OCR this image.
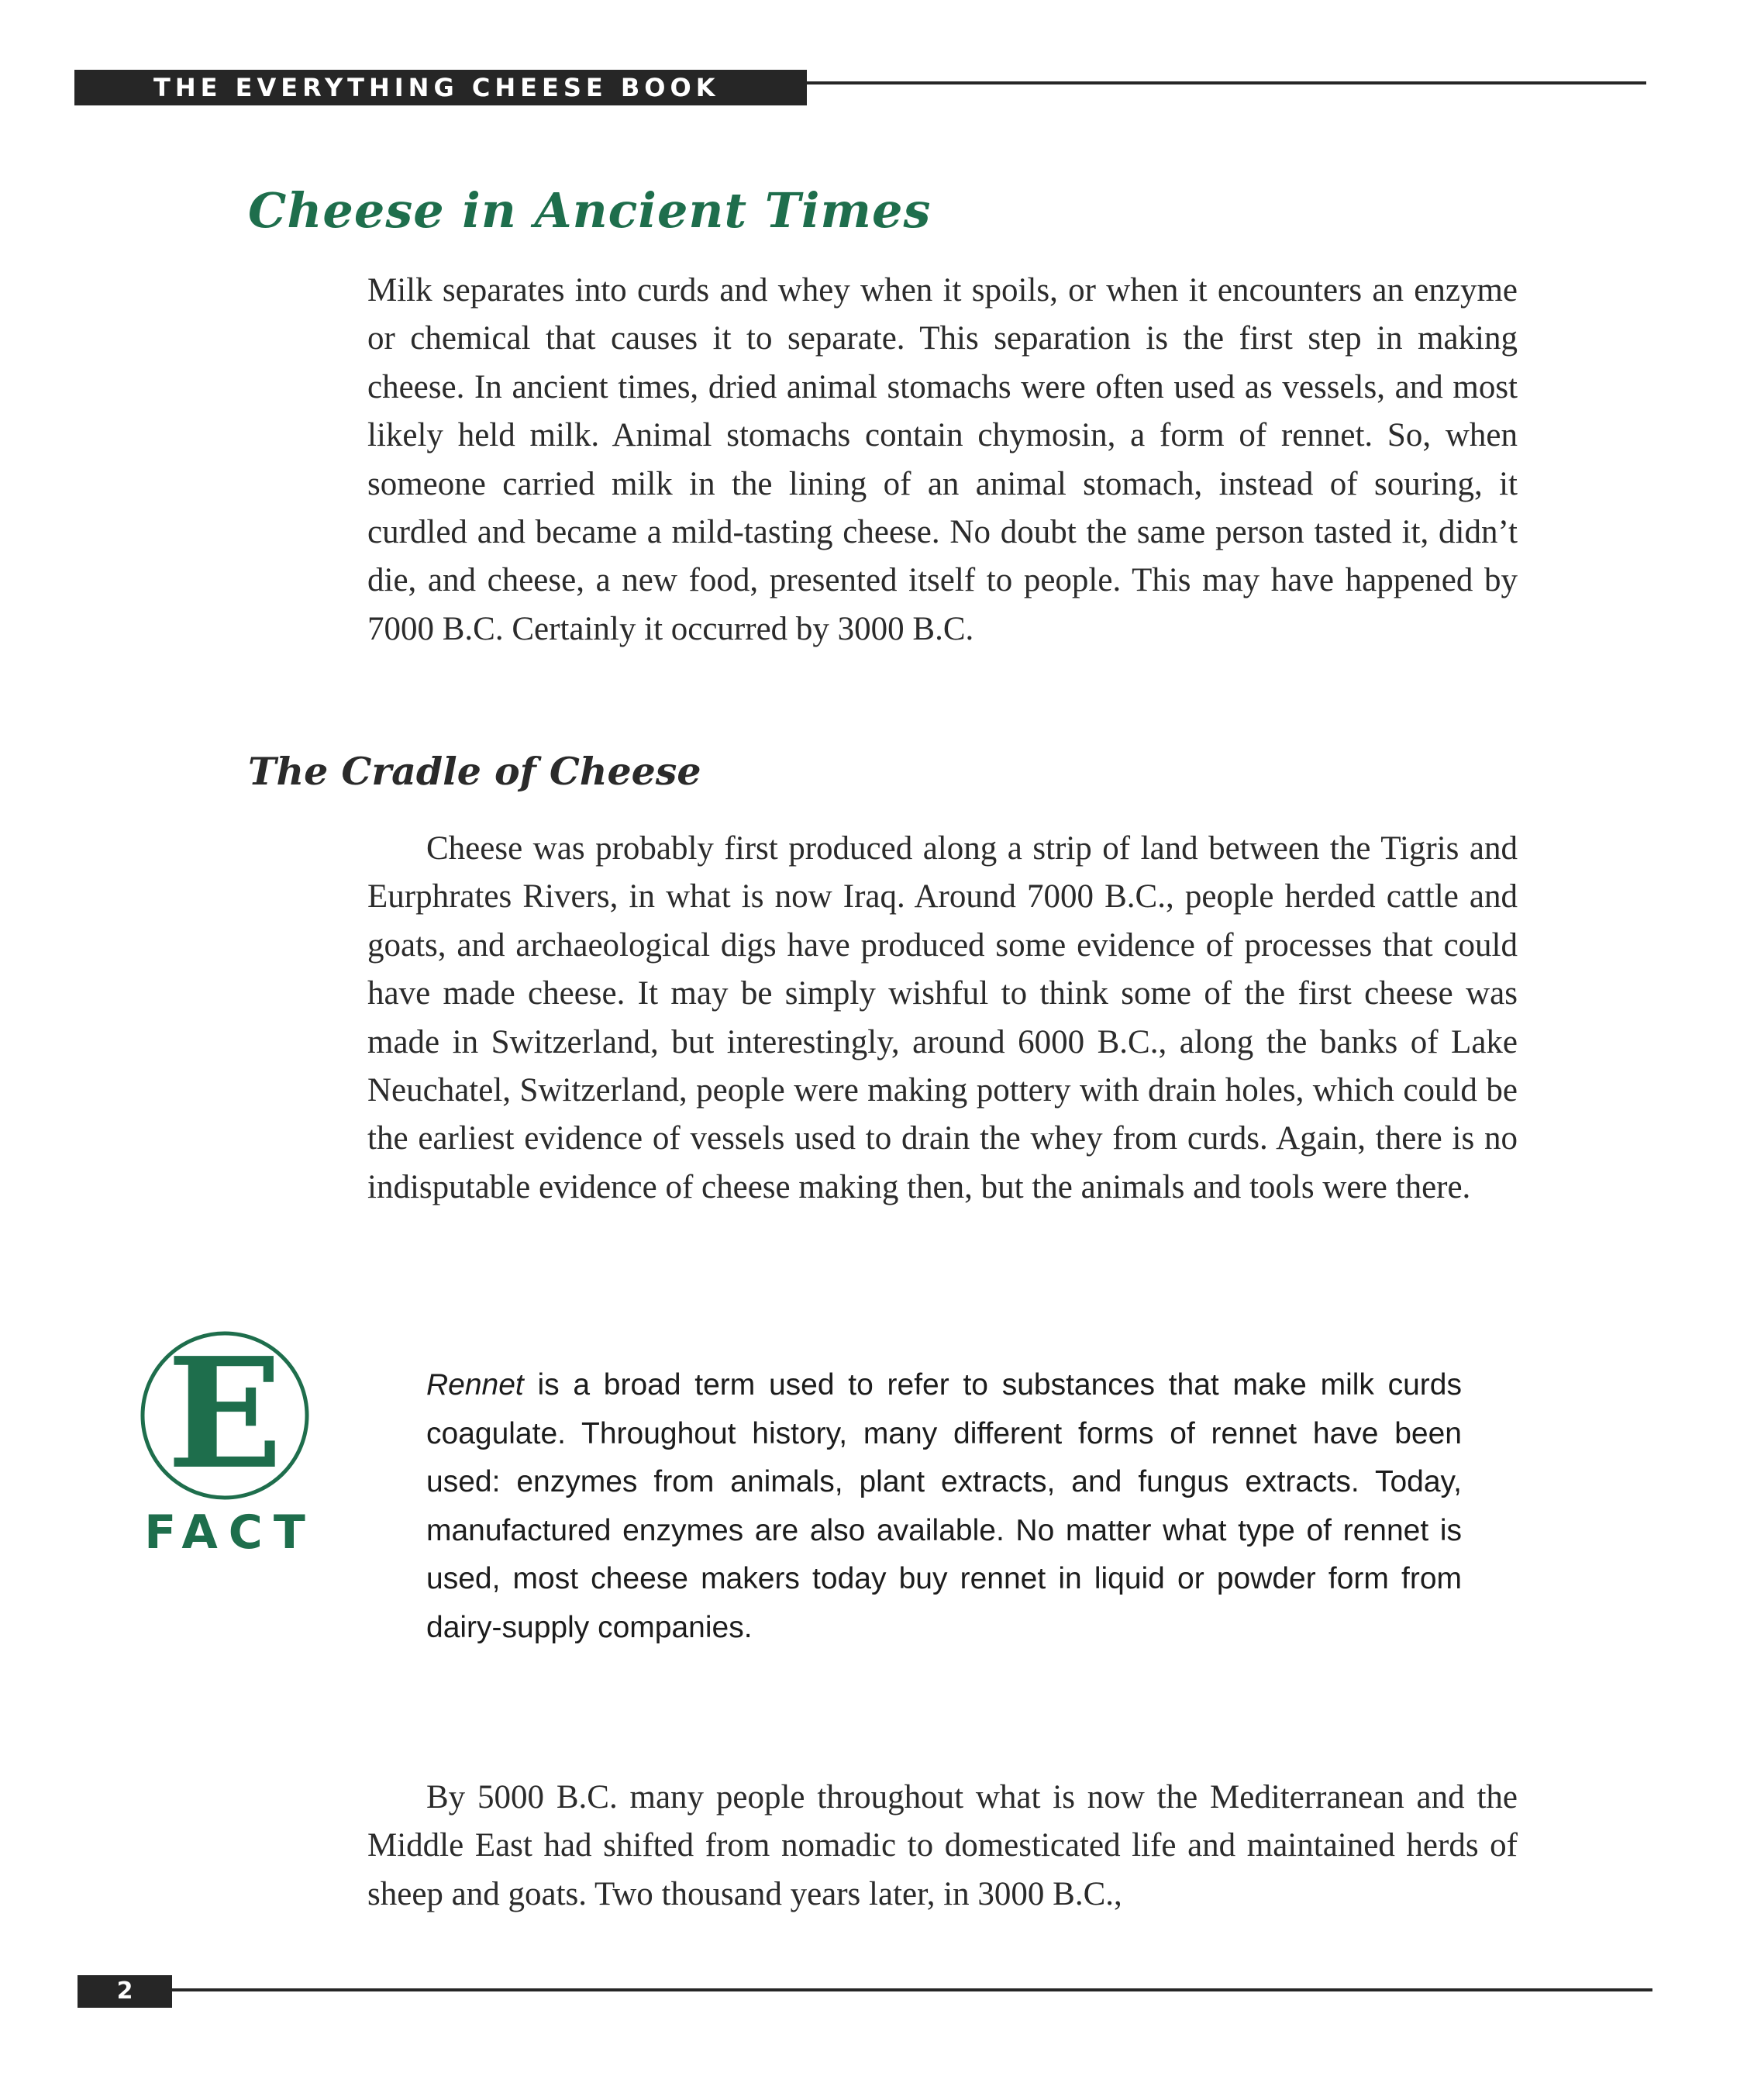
THE EVERYTHING CHEESE BOOK
Cheese in Ancient Times

Milk separates into curds and whey when it spoils, or when it encounters an enzyme or chemical that causes it to separate. This separation is the first step in making cheese. In ancient times, dried animal stomachs were often used as vessels, and most likely held milk. Animal stomachs contain chymosin, a form of rennet. So, when someone carried milk in the lining of an animal stomach, instead of souring, it curdled and became a mild-tasting cheese. No doubt the same person tasted it, didn’t die, and cheese, a new food, presented itself to people. This may have happened by 7000 B.C. Certainly it occurred by 3000 B.C.

The Cradle of Cheese

Cheese was probably first produced along a strip of land between the Tigris and Eurphrates Rivers, in what is now Iraq. Around 7000 B.C., people herded cattle and goats, and archaeological digs have produced some evidence of processes that could have made cheese. It may be simply wishful to think some of the first cheese was made in Switzerland, but interestingly, around 6000 B.C., along the banks of Lake Neuchatel, Switzerland, people were making pottery with drain holes, which could be the earliest evidence of vessels used to drain the whey from curds. Again, there is no indisputable evidence of cheese making then, but the animals and tools were there.

E
FACT

Rennet is a broad term used to refer to substances that make milk curds coagulate. Throughout history, many different forms of rennet have been used: enzymes from animals, plant extracts, and fungus extracts. Today, manufactured enzymes are also available. No matter what type of rennet is used, most cheese makers today buy rennet in liquid or powder form from dairy-supply companies.

By 5000 B.C. many people throughout what is now the Mediterranean and the Middle East had shifted from nomadic to domesticated life and maintained herds of sheep and goats. Two thousand years later, in 3000 B.C.,

2
